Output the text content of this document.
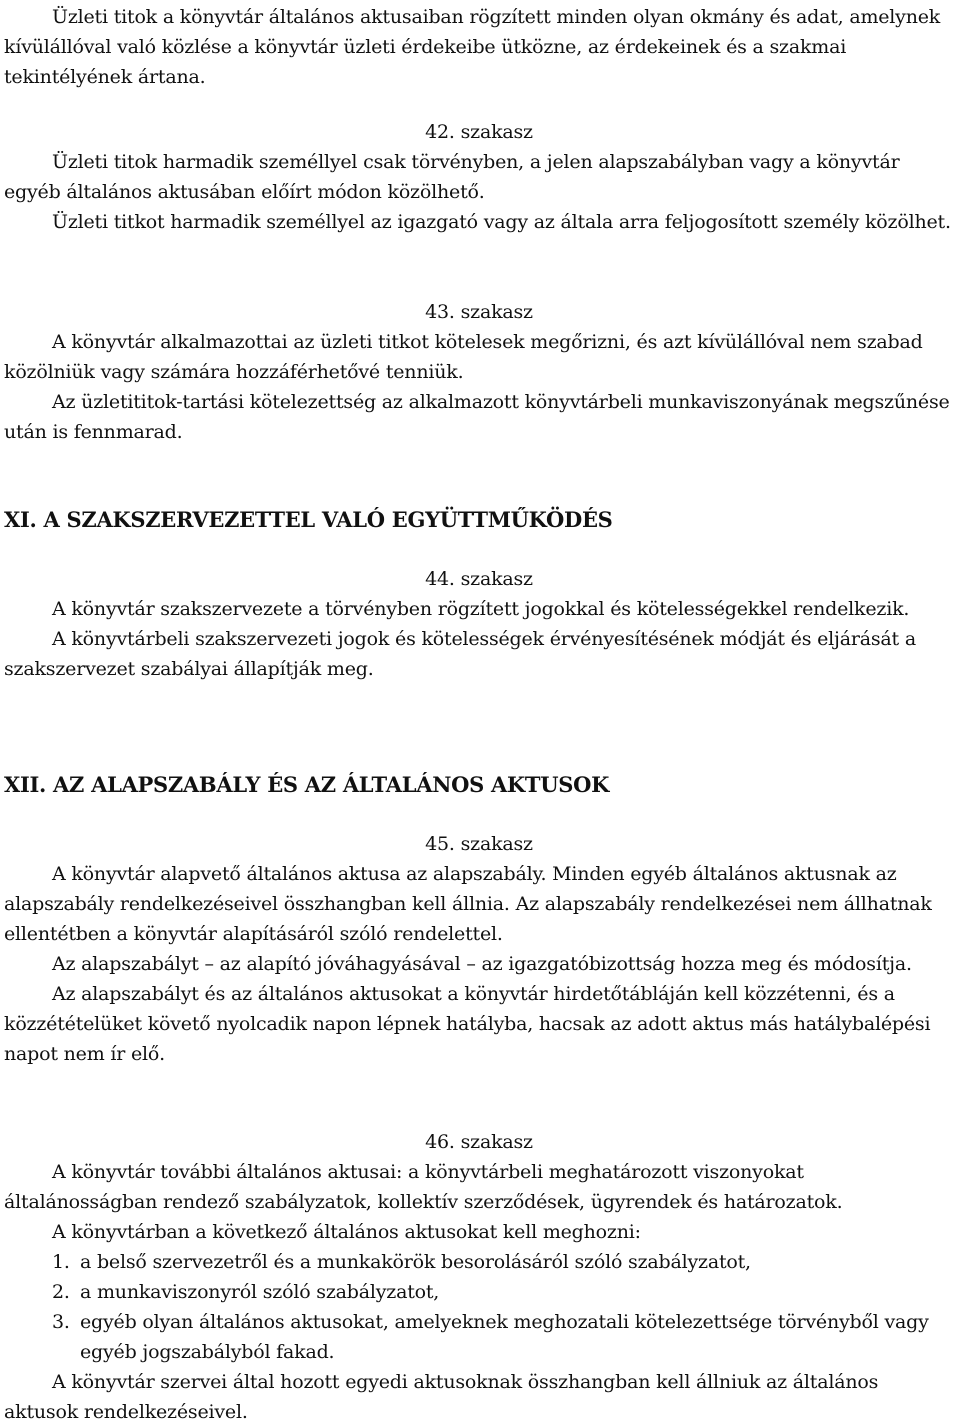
Üzleti titok a könyvtár általános aktusaiban rögzített minden olyan okmány és adat, amelynek kívülállóval való közlése a könyvtár üzleti érdekeibe ütközne, az érdekeinek és a szakmai tekintélyének ártana.

42. szakasz

Üzleti titok harmadik személlyel csak törvényben, a jelen alapszabályban vagy a könyvtár egyéb általános aktusában előírt módon közölhető.

Üzleti titkot harmadik személlyel az igazgató vagy az általa arra feljogosított személy közölhet.

43. szakasz

A könyvtár alkalmazottai az üzleti titkot kötelesek megőrizni, és azt kívülállóval nem szabad közölniük vagy számára hozzáférhetővé tenniük.

Az üzletititok-tartási kötelezettség az alkalmazott könyvtárbeli munkaviszonyának megszűnése után is fennmarad.

XI. A SZAKSZERVEZETTEL VALÓ EGYÜTTMŰKÖDÉS
44. szakasz

A könyvtár szakszervezete a törvényben rögzített jogokkal és kötelességekkel rendelkezik.

A könyvtárbeli szakszervezeti jogok és kötelességek érvényesítésének módját és eljárását a szakszervezet szabályai állapítják meg.

XII. AZ ALAPSZABÁLY ÉS AZ ÁLTALÁNOS AKTUSOK
45. szakasz

A könyvtár alapvető általános aktusa az alapszabály. Minden egyéb általános aktusnak az alapszabály rendelkezéseivel összhangban kell állnia. Az alapszabály rendelkezései nem állhatnak ellentétben a könyvtár alapításáról szóló rendelettel.

Az alapszabályt – az alapító jóváhagyásával – az igazgatóbizottság hozza meg és módosítja.

Az alapszabályt és az általános aktusokat a könyvtár hirdetőtábláján kell közzétenni, és a közzétételüket követő nyolcadik napon lépnek hatályba, hacsak az adott aktus más hatálybalépési napot nem ír elő.

46. szakasz

A könyvtár további általános aktusai: a könyvtárbeli meghatározott viszonyokat általánosságban rendező szabályzatok, kollektív szerződések, ügyrendek és határozatok.

A könyvtárban a következő általános aktusokat kell meghozni:

1. a belső szervezetről és a munkakörök besorolásáról szóló szabályzatot,
2. a munkaviszonyról szóló szabályzatot,
3. egyéb olyan általános aktusokat, amelyeknek meghozatali kötelezettsége törvényből vagy egyéb jogszabályból fakad.

A könyvtár szervei által hozott egyedi aktusoknak összhangban kell állniuk az általános aktusok rendelkezéseivel.
